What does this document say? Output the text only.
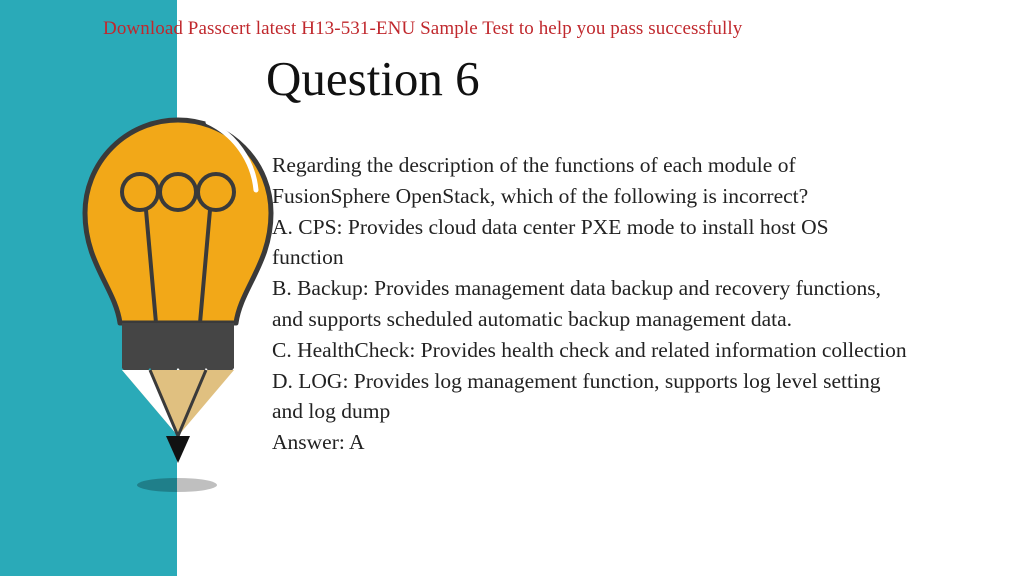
Download Passcert latest H13-531-ENU Sample Test to help you pass successfully
Question 6
Regarding the description of the functions of each module of
FusionSphere OpenStack, which of the following is incorrect?
A. CPS: Provides cloud data center PXE mode to install host OS
function
B. Backup: Provides management data backup and recovery functions,
and supports scheduled automatic backup management data.
C. HealthCheck: Provides health check and related information collection
D. LOG: Provides log management function, supports log level setting
and log dump
Answer: A
